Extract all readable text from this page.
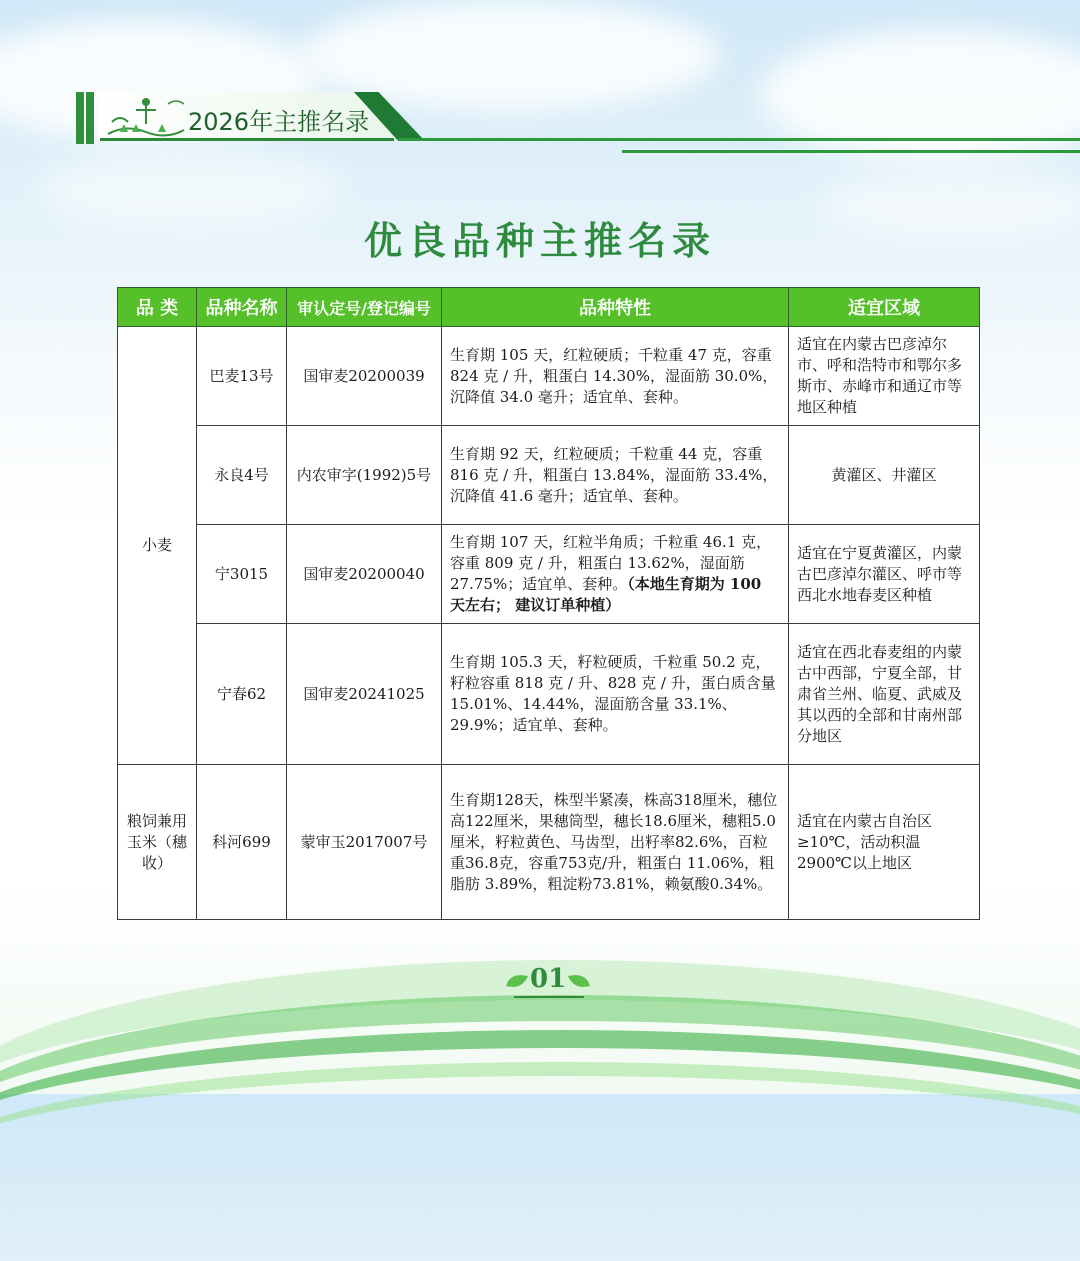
2026年主推名录
优良品种主推名录
品 类	品种名称	审认定号/登记编号	品种特性	适宜区域
小麦	巴麦13号	国审麦20200039	生育期 105 天，红粒硬质；千粒重 47 克，容重 824 克 / 升，粗蛋白 14.30%，湿面筋 30.0%，沉降值 34.0 毫升；适宜单、套种。	适宜在内蒙古巴彦淖尔市、呼和浩特市和鄂尔多斯市、赤峰市和通辽市等地区种植
	永良4号	内农审字(1992)5号	生育期 92 天，红粒硬质；千粒重 44 克，容重 816 克 / 升，粗蛋白 13.84%，湿面筋 33.4%，沉降值 41.6 毫升；适宜单、套种。	黄灌区、井灌区
	宁3015	国审麦20200040	生育期 107 天，红粒半角质；千粒重 46.1 克，容重 809 克 / 升，粗蛋白 13.62%，湿面筋 27.75%；适宜单、套种。（本地生育期为 100 天左右； 建议订单种植）	适宜在宁夏黄灌区，内蒙古巴彦淖尔灌区、呼市等西北水地春麦区种植
	宁春62	国审麦20241025	生育期 105.3 天，籽粒硬质，千粒重 50.2 克，籽粒容重 818 克 / 升、828 克 / 升，蛋白质含量 15.01%、14.44%，湿面筋含量 33.1%、29.9%；适宜单、套种。	适宜在西北春麦组的内蒙古中西部，宁夏全部，甘肃省兰州、临夏、武威及其以西的全部和甘南州部分地区
粮饲兼用玉米（穗收）	科河699	蒙审玉2017007号	生育期128天，株型半紧凑，株高318厘米，穗位高122厘米，果穗筒型，穗长18.6厘米，穗粗5.0厘米，籽粒黄色、马齿型，出籽率82.6%，百粒重36.8克，容重753克/升，粗蛋白 11.06%，粗脂肪 3.89%，粗淀粉73.81%，赖氨酸0.34%。	适宜在内蒙古自治区≥10℃，活动积温2900℃以上地区
01
